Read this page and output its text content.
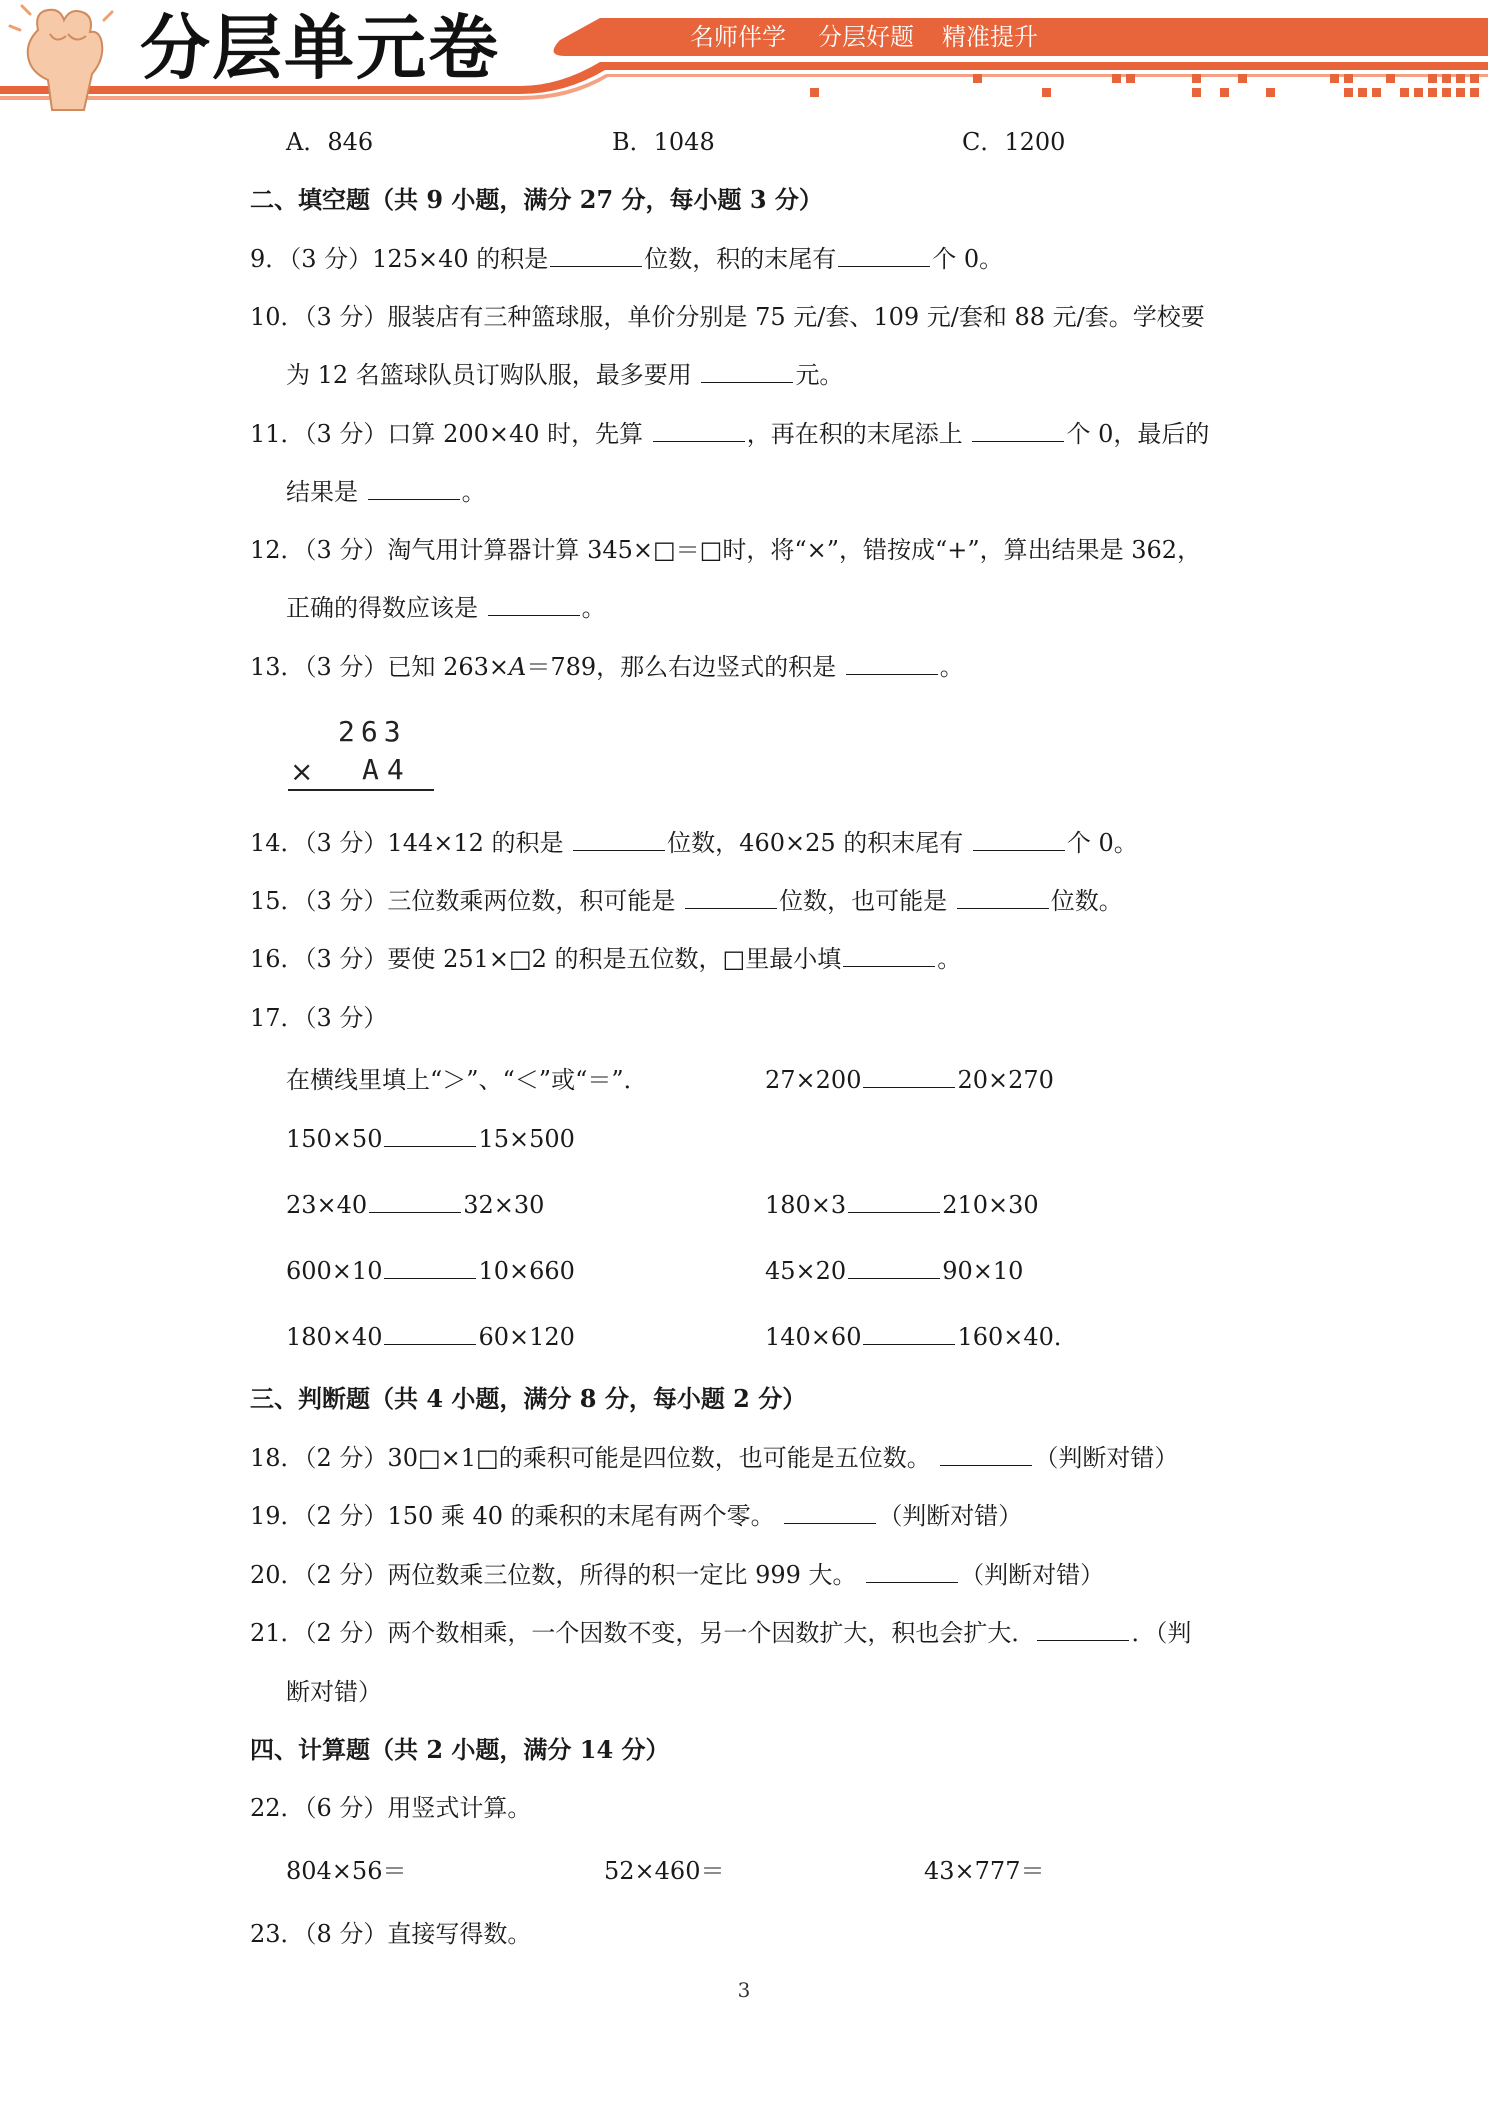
分层单元卷	名师伴学 分层好题 精准提升
A．846	B．1048	C．1200
二、填空题（共 9 小题，满分 27 分，每小题 3 分）
9．（3 分）125×40 的积是	位数，积的末尾有	个 0。
10．（3 分）服装店有三种篮球服，单价分别是 75 元/套、109 元/套和 88 元/套。学校要
为 12 名篮球队员订购队服，最多要用	元。
11．（3 分）口算 200×40 时，先算	，再在积的末尾添上	个 0，最后的
结果是	。
12．（3 分）淘气用计算器计算 345×□＝□时，将“×”，错按成“+”，算出结果是 362，
正确的得数应该是	。
13．（3 分）已知 263×A＝789，那么右边竖式的积是	。
263
× A4
14．（3 分）144×12 的积是	位数，460×25 的积末尾有	个 0。
15．（3 分）三位数乘两位数，积可能是	位数，也可能是	位数。
16．（3 分）要使 251×□2 的积是五位数，□里最小填	。
17．（3 分）
在横线里填上“＞”、“＜”或“＝”．	27×200	20×270
150×50	15×500
23×40	32×30	180×3	210×30
600×10	10×660	45×20	90×10
180×40	60×120	140×60	160×40．
三、判断题（共 4 小题，满分 8 分，每小题 2 分）
18．（2 分）30□×1□的乘积可能是四位数，也可能是五位数。	（判断对错）
19．（2 分）150 乘 40 的乘积的末尾有两个零。	（判断对错）
20．（2 分）两位数乘三位数，所得的积一定比 999 大。	（判断对错）
21．（2 分）两个数相乘，一个因数不变，另一个因数扩大，积也会扩大．	．（判
断对错）
四、计算题（共 2 小题，满分 14 分）
22．（6 分）用竖式计算。
804×56＝	52×460＝	43×777＝
23．（8 分）直接写得数。
3
